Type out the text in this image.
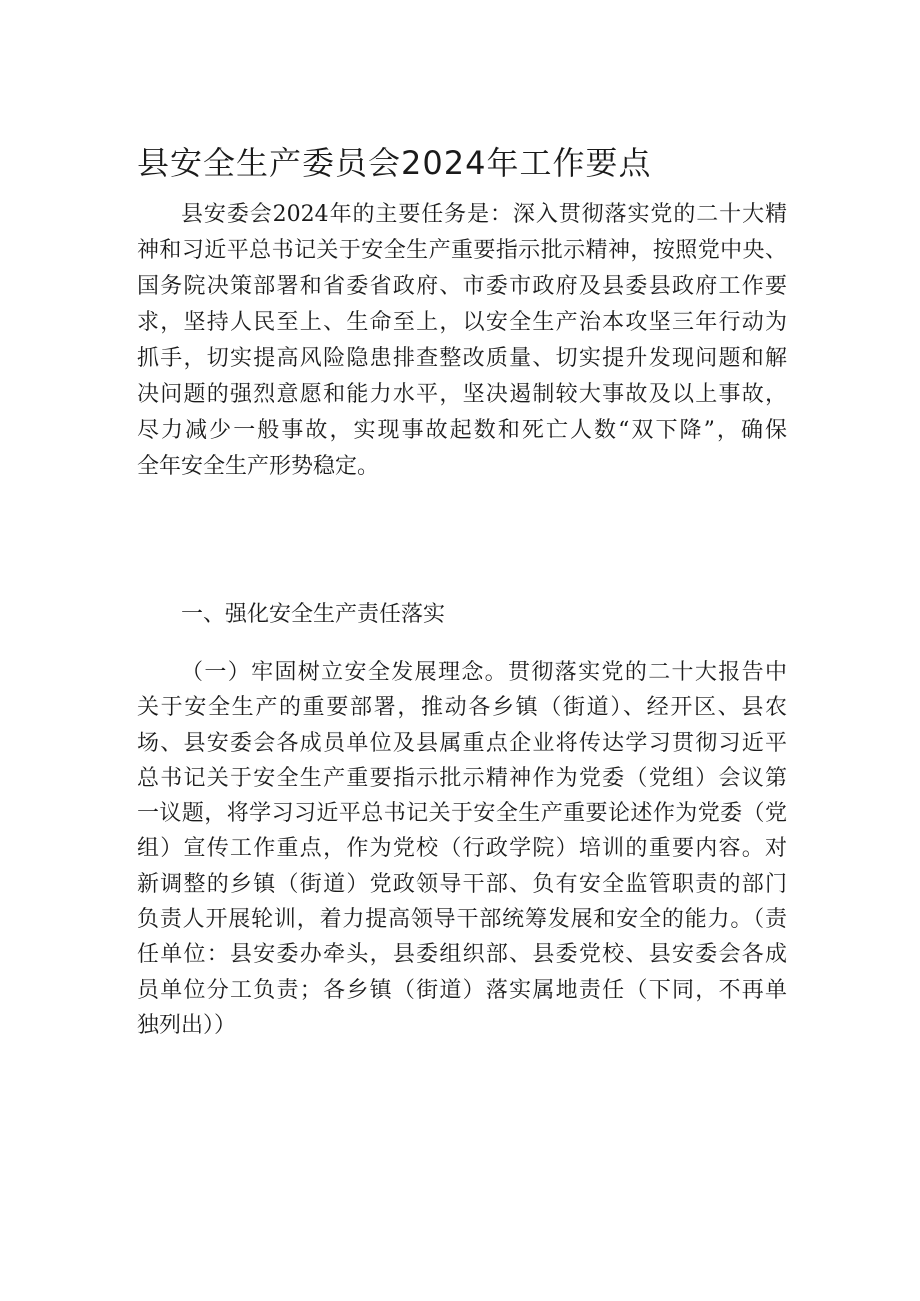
县安全生产委员会2024年工作要点
县安委会2024年的主要任务是：深入贯彻落实党的二十大精
神和习近平总书记关于安全生产重要指示批示精神，按照党中央、
国务院决策部署和省委省政府、市委市政府及县委县政府工作要
求，坚持人民至上、生命至上，以安全生产治本攻坚三年行动为
抓手，切实提高风险隐患排查整改质量、切实提升发现问题和解
决问题的强烈意愿和能力水平，坚决遏制较大事故及以上事故，
尽力减少一般事故，实现事故起数和死亡人数“双下降”，确保
全年安全生产形势稳定。
一、强化安全生产责任落实
（一）牢固树立安全发展理念。贯彻落实党的二十大报告中
关于安全生产的重要部署，推动各乡镇（街道）、经开区、县农
场、县安委会各成员单位及县属重点企业将传达学习贯彻习近平
总书记关于安全生产重要指示批示精神作为党委（党组）会议第
一议题，将学习习近平总书记关于安全生产重要论述作为党委（党
组）宣传工作重点，作为党校（行政学院）培训的重要内容。对
新调整的乡镇（街道）党政领导干部、负有安全监管职责的部门
负责人开展轮训，着力提高领导干部统筹发展和安全的能力。（责
任单位：县安委办牵头，县委组织部、县委党校、县安委会各成
员单位分工负责；各乡镇（街道）落实属地责任（下同，不再单
独列出））
